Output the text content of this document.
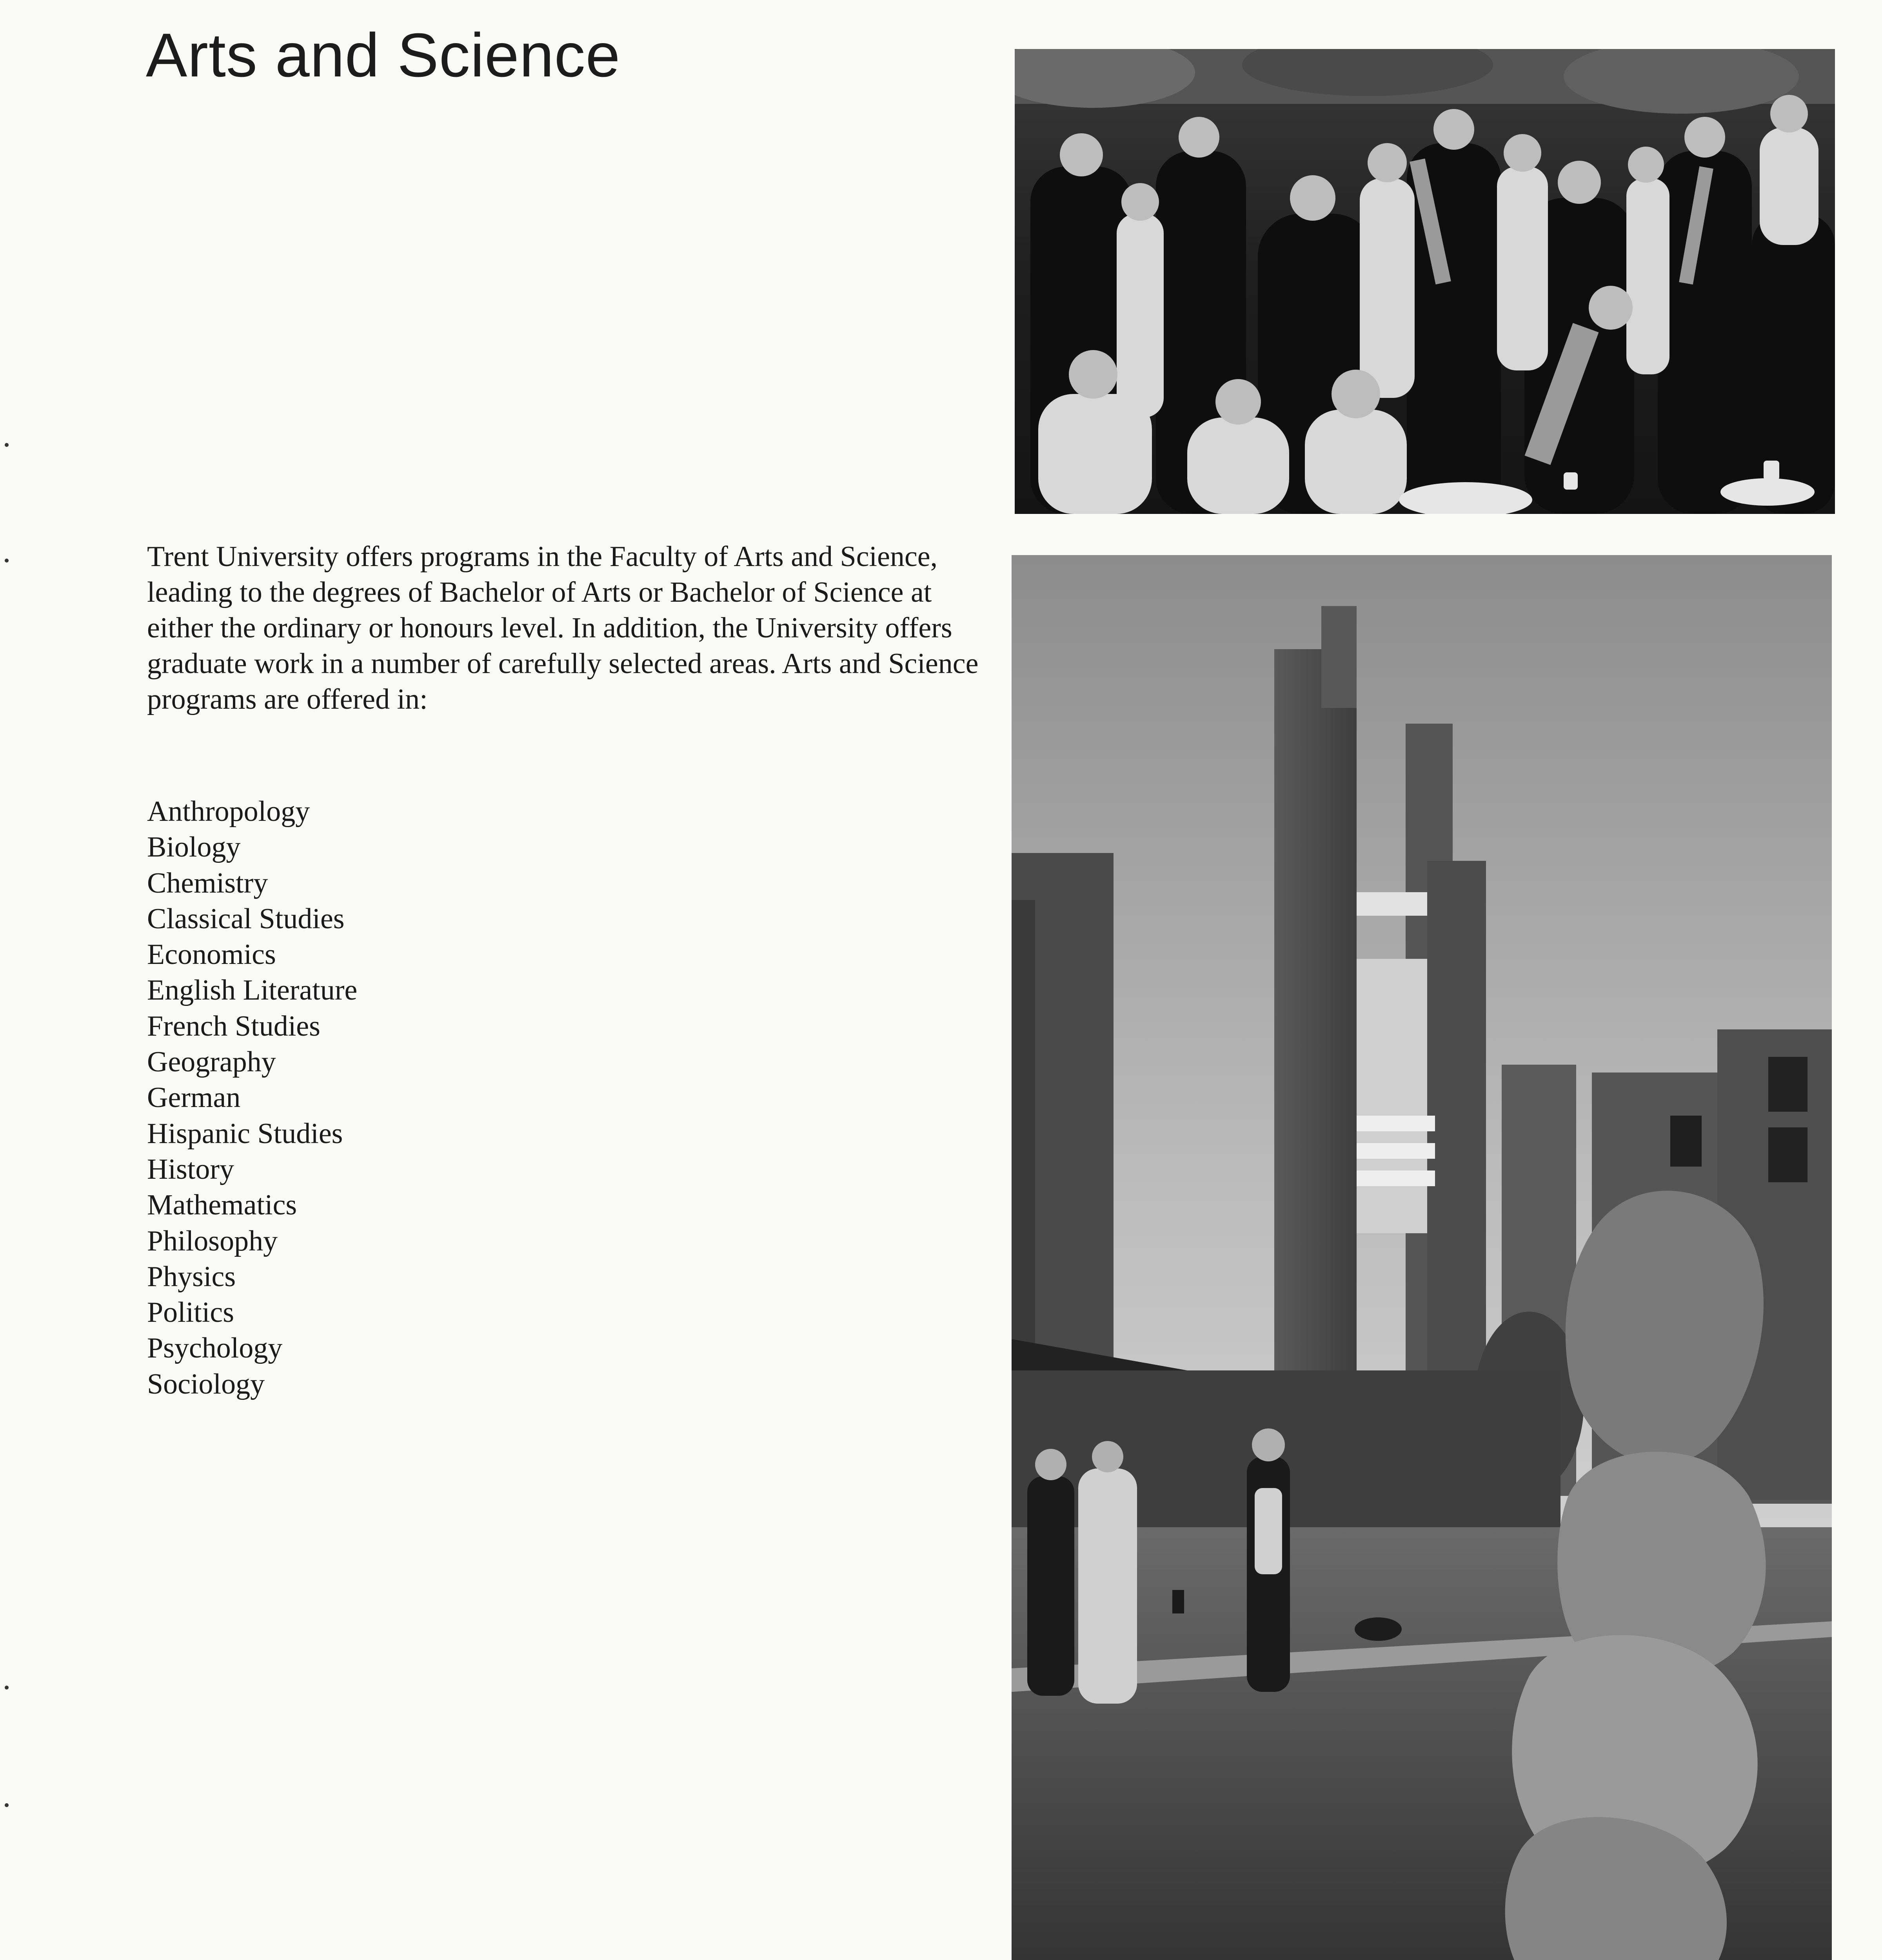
Arts and Science

Trent University offers programs in the Faculty of Arts and Science, leading to the degrees of Bachelor of Arts or Bachelor of Science at either the ordinary or honours level. In addition, the University offers graduate work in a number of carefully selected areas. Arts and Science programs are offered in:

Anthropology
Biology
Chemistry
Classical Studies
Economics
English Literature
French Studies
Geography
German
Hispanic Studies
History
Mathematics
Philosophy
Physics
Politics
Psychology
Sociology
